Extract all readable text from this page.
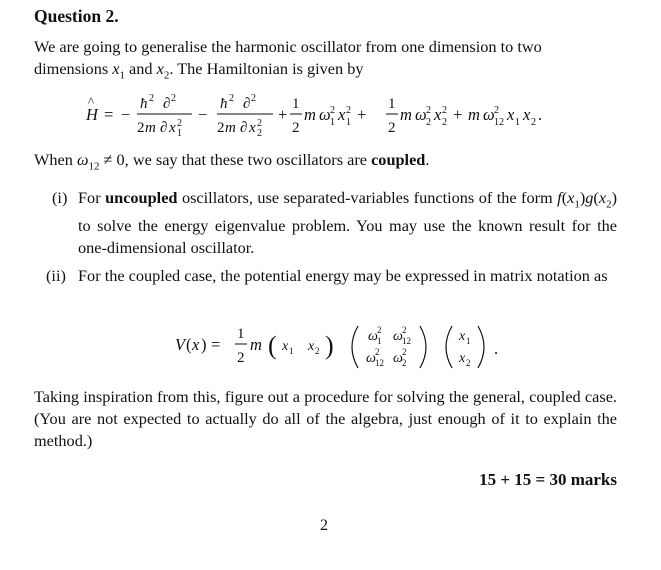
Question 2.
We are going to generalise the harmonic oscillator from one dimension to two
dimensions $x_1$ and $x_2$. The Hamiltonian is given by
H
^
= −
ħ 2 ∂ 2
2 m ∂ x 2
1
−
ħ 2 ∂ 2
2 m ∂ x 2
2
+
1
2
m ω 2
1 x 2
1 +
1
2
m ω 2
2 x 2
2 + m ω 2
12 x 1 x 2 .
When $\omega_{12} \ne 0$, we say that these two oscillators are coupled.
(i) For uncoupled oscillators, use separated-variables functions of the form $f(x_1)g(x_2)$ to solve the energy eigenvalue problem. You may use the known result for the one-dimensional oscillator.
(ii) For the coupled case, the potential energy may be expressed in matrix notation as
V ( x ) =
1
2
m ( x 1 x 2 ) ω 2
1 ω 2
12
ω 2
12 ω 2
2
x 1
x 2
.
Taking inspiration from this, figure out a procedure for solving the general, coupled case. (You are not expected to actually do all of the algebra, just enough of it to explain the method.)
15 + 15 = 30 marks
2
